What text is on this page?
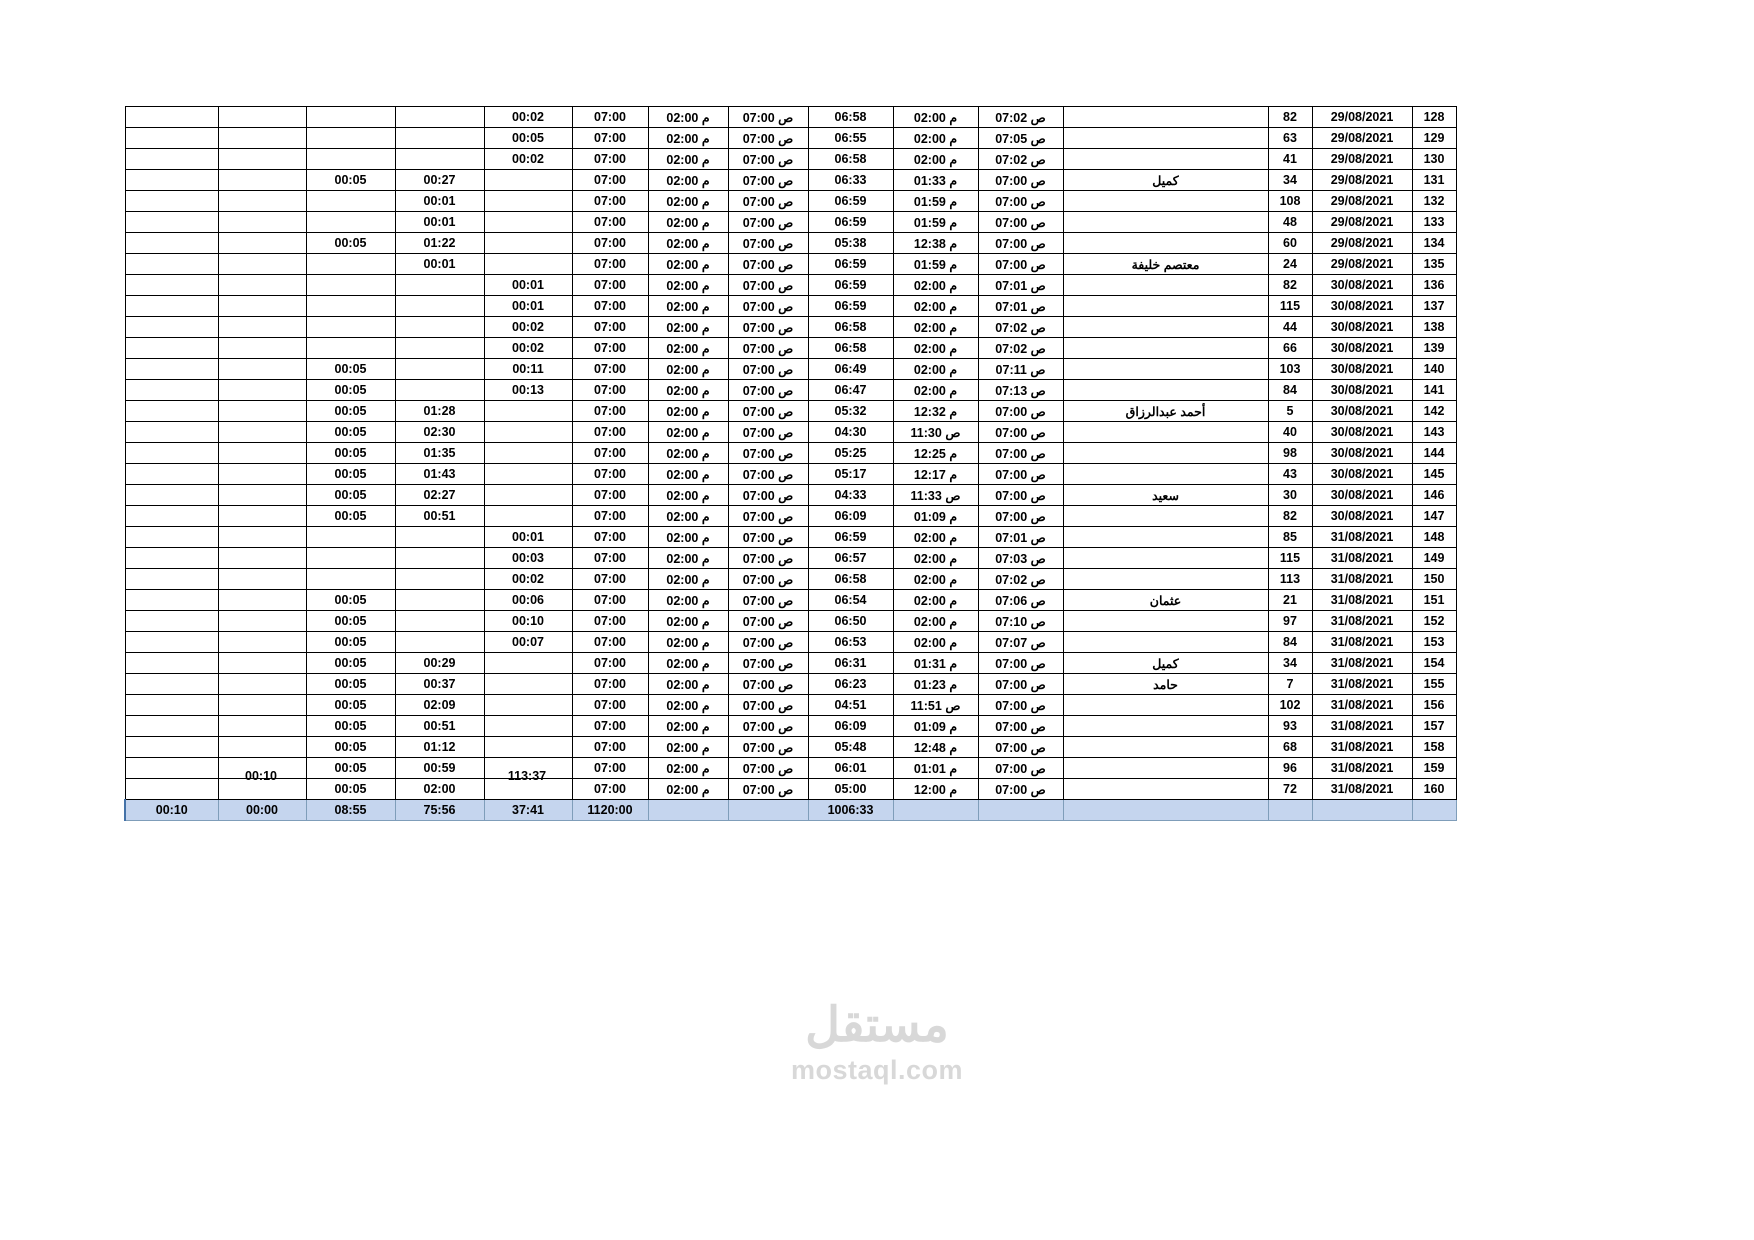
				00:02	07:00	02:00 م	07:00 ص	06:58	02:00 م	07:02 ص		82	29/08/2021	128
				00:05	07:00	02:00 م	07:00 ص	06:55	02:00 م	07:05 ص		63	29/08/2021	129
				00:02	07:00	02:00 م	07:00 ص	06:58	02:00 م	07:02 ص		41	29/08/2021	130
		00:05	00:27		07:00	02:00 م	07:00 ص	06:33	01:33 م	07:00 ص	كميل	34	29/08/2021	131
			00:01		07:00	02:00 م	07:00 ص	06:59	01:59 م	07:00 ص		108	29/08/2021	132
			00:01		07:00	02:00 م	07:00 ص	06:59	01:59 م	07:00 ص		48	29/08/2021	133
		00:05	01:22		07:00	02:00 م	07:00 ص	05:38	12:38 م	07:00 ص		60	29/08/2021	134
			00:01		07:00	02:00 م	07:00 ص	06:59	01:59 م	07:00 ص	معتصم خليفة	24	29/08/2021	135
				00:01	07:00	02:00 م	07:00 ص	06:59	02:00 م	07:01 ص		82	30/08/2021	136
				00:01	07:00	02:00 م	07:00 ص	06:59	02:00 م	07:01 ص		115	30/08/2021	137
				00:02	07:00	02:00 م	07:00 ص	06:58	02:00 م	07:02 ص		44	30/08/2021	138
				00:02	07:00	02:00 م	07:00 ص	06:58	02:00 م	07:02 ص		66	30/08/2021	139
		00:05		00:11	07:00	02:00 م	07:00 ص	06:49	02:00 م	07:11 ص		103	30/08/2021	140
		00:05		00:13	07:00	02:00 م	07:00 ص	06:47	02:00 م	07:13 ص		84	30/08/2021	141
		00:05	01:28		07:00	02:00 م	07:00 ص	05:32	12:32 م	07:00 ص	أحمد عبدالرزاق	5	30/08/2021	142
		00:05	02:30		07:00	02:00 م	07:00 ص	04:30	11:30 ص	07:00 ص		40	30/08/2021	143
		00:05	01:35		07:00	02:00 م	07:00 ص	05:25	12:25 م	07:00 ص		98	30/08/2021	144
		00:05	01:43		07:00	02:00 م	07:00 ص	05:17	12:17 م	07:00 ص		43	30/08/2021	145
		00:05	02:27		07:00	02:00 م	07:00 ص	04:33	11:33 ص	07:00 ص	سعيد	30	30/08/2021	146
		00:05	00:51		07:00	02:00 م	07:00 ص	06:09	01:09 م	07:00 ص		82	30/08/2021	147
				00:01	07:00	02:00 م	07:00 ص	06:59	02:00 م	07:01 ص		85	31/08/2021	148
				00:03	07:00	02:00 م	07:00 ص	06:57	02:00 م	07:03 ص		115	31/08/2021	149
				00:02	07:00	02:00 م	07:00 ص	06:58	02:00 م	07:02 ص		113	31/08/2021	150
		00:05		00:06	07:00	02:00 م	07:00 ص	06:54	02:00 م	07:06 ص	عثمان	21	31/08/2021	151
		00:05		00:10	07:00	02:00 م	07:00 ص	06:50	02:00 م	07:10 ص		97	31/08/2021	152
		00:05		00:07	07:00	02:00 م	07:00 ص	06:53	02:00 م	07:07 ص		84	31/08/2021	153
		00:05	00:29		07:00	02:00 م	07:00 ص	06:31	01:31 م	07:00 ص	كميل	34	31/08/2021	154
		00:05	00:37		07:00	02:00 م	07:00 ص	06:23	01:23 م	07:00 ص	حامد	7	31/08/2021	155
		00:05	02:09		07:00	02:00 م	07:00 ص	04:51	11:51 ص	07:00 ص		102	31/08/2021	156
		00:05	00:51		07:00	02:00 م	07:00 ص	06:09	01:09 م	07:00 ص		93	31/08/2021	157
		00:05	01:12		07:00	02:00 م	07:00 ص	05:48	12:48 م	07:00 ص		68	31/08/2021	158
		00:05	00:59		07:00	02:00 م	07:00 ص	06:01	01:01 م	07:00 ص		96	31/08/2021	159
		00:05	02:00		07:00	02:00 م	07:00 ص	05:00	12:00 م	07:00 ص		72	31/08/2021	160
00:10	00:00	08:55	75:56	37:41	1120:00			1006:33						
	00:10			113:37
مستقل
mostaql.com
